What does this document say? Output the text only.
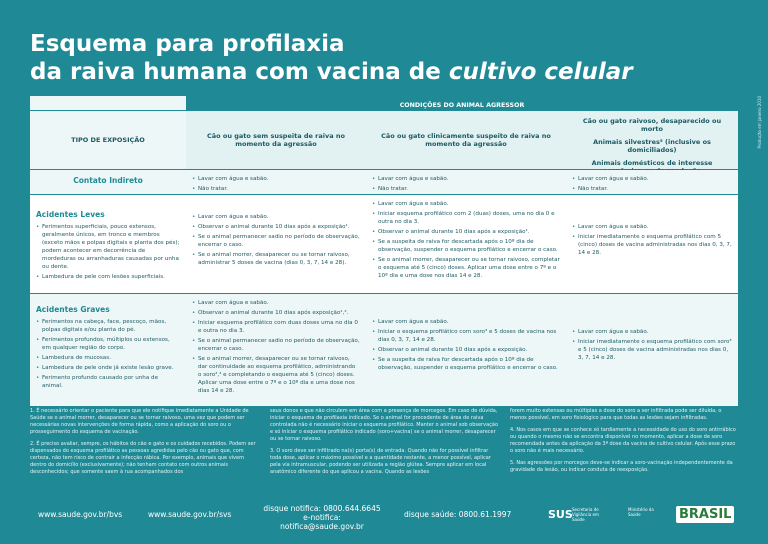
Esquema para profilaxia
da raiva humana com vacina de cultivo celular
Produção em janeiro 2010
CONDIÇÕES DO ANIMAL AGRESSOR
TIPO DE EXPOSIÇÃO	Cão ou gato sem suspeita de raiva no momento da agressão
Cão ou gato clinicamente suspeito de raiva no momento da agressão
Cão ou gato raivoso, desaparecido ou morto
Animais silvestres⁵ (inclusive os domiciliados)
Animais domésticos de interesse
Contato Indireto
•	Lavar com água e sabão.
• Não tratar.
• Lavar com água e sabão.
• Não tratar.
• Lavar com água e sabão.
• Não tratar.
Acidentes Leves
• Ferimentos superficiais, pouco extensos, geralmente únicos, em tronco e membros (exceto mãos e polpas digitais e planta dos pés); podem acontecer em decorrência de mordeduras ou arranhaduras causadas por unha ou dente.
• Lambedura de pele com lesões superficiais.
• Lavar com água e sabão.
• Observar o animal durante 10 dias após a exposição¹.
• Se o animal permanecer sadio no período de observação, encerrar o caso.
• Se o animal morrer, desaparecer ou se tornar raivoso, administrar 5 doses de vacina (dias 0, 3, 7, 14 e 28).
• Lavar com água e sabão.
• Iniciar esquema profilático com 2 (duas) doses, uma no dia 0 e outra no dia 3.
• Observar o animal durante 10 dias após a exposição¹.
• Se a suspeita de raiva for descartada após o 10º dia de observação, suspender o esquema profilático e encerrar o caso.
• Se o animal morrer, desaparecer ou se tornar raivoso, completar o esquema até 5 (cinco) doses. Aplicar uma dose entre o 7º e o 10º dia e uma dose nos dias 14 e 28.
• Lavar com água e sabão.
• Iniciar imediatamente o esquema profilático com 5 (cinco) doses de vacina administradas nos dias 0, 3, 7, 14 e 28.
Acidentes Graves
• Ferimentos na cabeça, face, pescoço, mãos, polpas digitais e/ou planta do pé.
• Ferimentos profundos, múltiplos ou extensos, em qualquer região do corpo.
• Lambedura de mucosas.
• Lambedura de pele onde já existe lesão grave.
• Ferimento profundo causado por unha de animal.
• Lavar com água e sabão.
• Observar o animal durante 10 dias após exposição¹,².
• Iniciar esquema profilático com duas doses uma no dia 0 e outra no dia 3.
• Se o animal permanecer sadio no período de observação, encerrar o caso.
• Se o animal morrer, desaparecer ou se tornar raivoso, dar continuidade ao esquema profilático, administrando o soro³,⁴ e completando o esquema até 5 (cinco) doses. Aplicar uma dose entre o 7º e o 10º dia e uma dose nos dias 14 e 28.
• Lavar com água e sabão.
• Iniciar o esquema profilático com soro³ e 5 doses de vacina nos dias 0, 3, 7, 14 e 28.
• Observar o animal durante 10 dias após a exposição.
• Se a suspeita de raiva for descartada após o 10º dia de observação, suspender o esquema profilático e encerrar o caso.
• Lavar com água e sabão.
• Iniciar imediatamente o esquema profilático com soro³ e 5 (cinco) doses de vacina administradas nos dias 0, 3, 7, 14 e 28.

1. É necessário orientar o paciente para que ele notifique imediatamente a Unidade de Saúde se o animal morrer, desaparecer ou se tornar raivoso, uma vez que podem ser necessárias novas intervenções de forma rápida, como a aplicação do soro ou o prosseguimento do esquema de vacinação.

2. É preciso avaliar, sempre, os hábitos do cão e gato e os cuidados recebidos. Podem ser dispensados do esquema profilático as pessoas agredidas pelo cão ou gato que, com certeza, não tem risco de contrair a infecção rábica. Por exemplo, animais que vivem dentro do domicílio (exclusivamente); não tenham contato com outros animais desconhecidos; que somente saem à rua acompanhados dos

seus donos e que não circulem em área com a presença de morcegos. Em caso de dúvida, iniciar o esquema de profilaxia indicado. Se o animal for procedente de área de raiva controlada não é necessário iniciar o esquema profilático. Manter o animal sob observação e só iniciar o esquema profilático indicado (soro+vacina) se o animal morrer, desaparecer ou se tornar raivoso.

3. O soro deve ser infiltrado na(s) porta(s) de entrada. Quando não for possível infiltrar toda dose, aplicar o máximo possível e a quantidade restante, a menor possível, aplicar pela via intramuscular, podendo ser utilizada a região glútea. Sempre aplicar em local anatômico diferente do que aplicou a vacina. Quando as lesões

forem muito extensas ou múltiplas a dose do soro a ser infiltrada pode ser diluída, o menos possível, em soro fisiológico para que todas as lesões sejam infiltradas.

4. Nos casos em que se conhece só tardiamente a necessidade do uso do soro antirrábico ou quando o mesmo não se encontra disponível no momento, aplicar a dose de soro recomendada antes da aplicação da 3ª dose da vacina de cultivo celular. Após esse prazo o soro não é mais necessário.

5. Nas agressões por morcegos deve-se indicar a soro-vacinação independentemente da gravidade da lesão, ou indicar conduta de reexposição.

www.saude.gov.br/bvs	www.saude.gov.br/svs
disque notifica: 0800.644.6645
e-notifica: notifica@saude.gov.br
disque saúde: 0800.61.1997	SUS Secretaria de Vigilância em Saúde
Ministério da Saúde	BRASIL
